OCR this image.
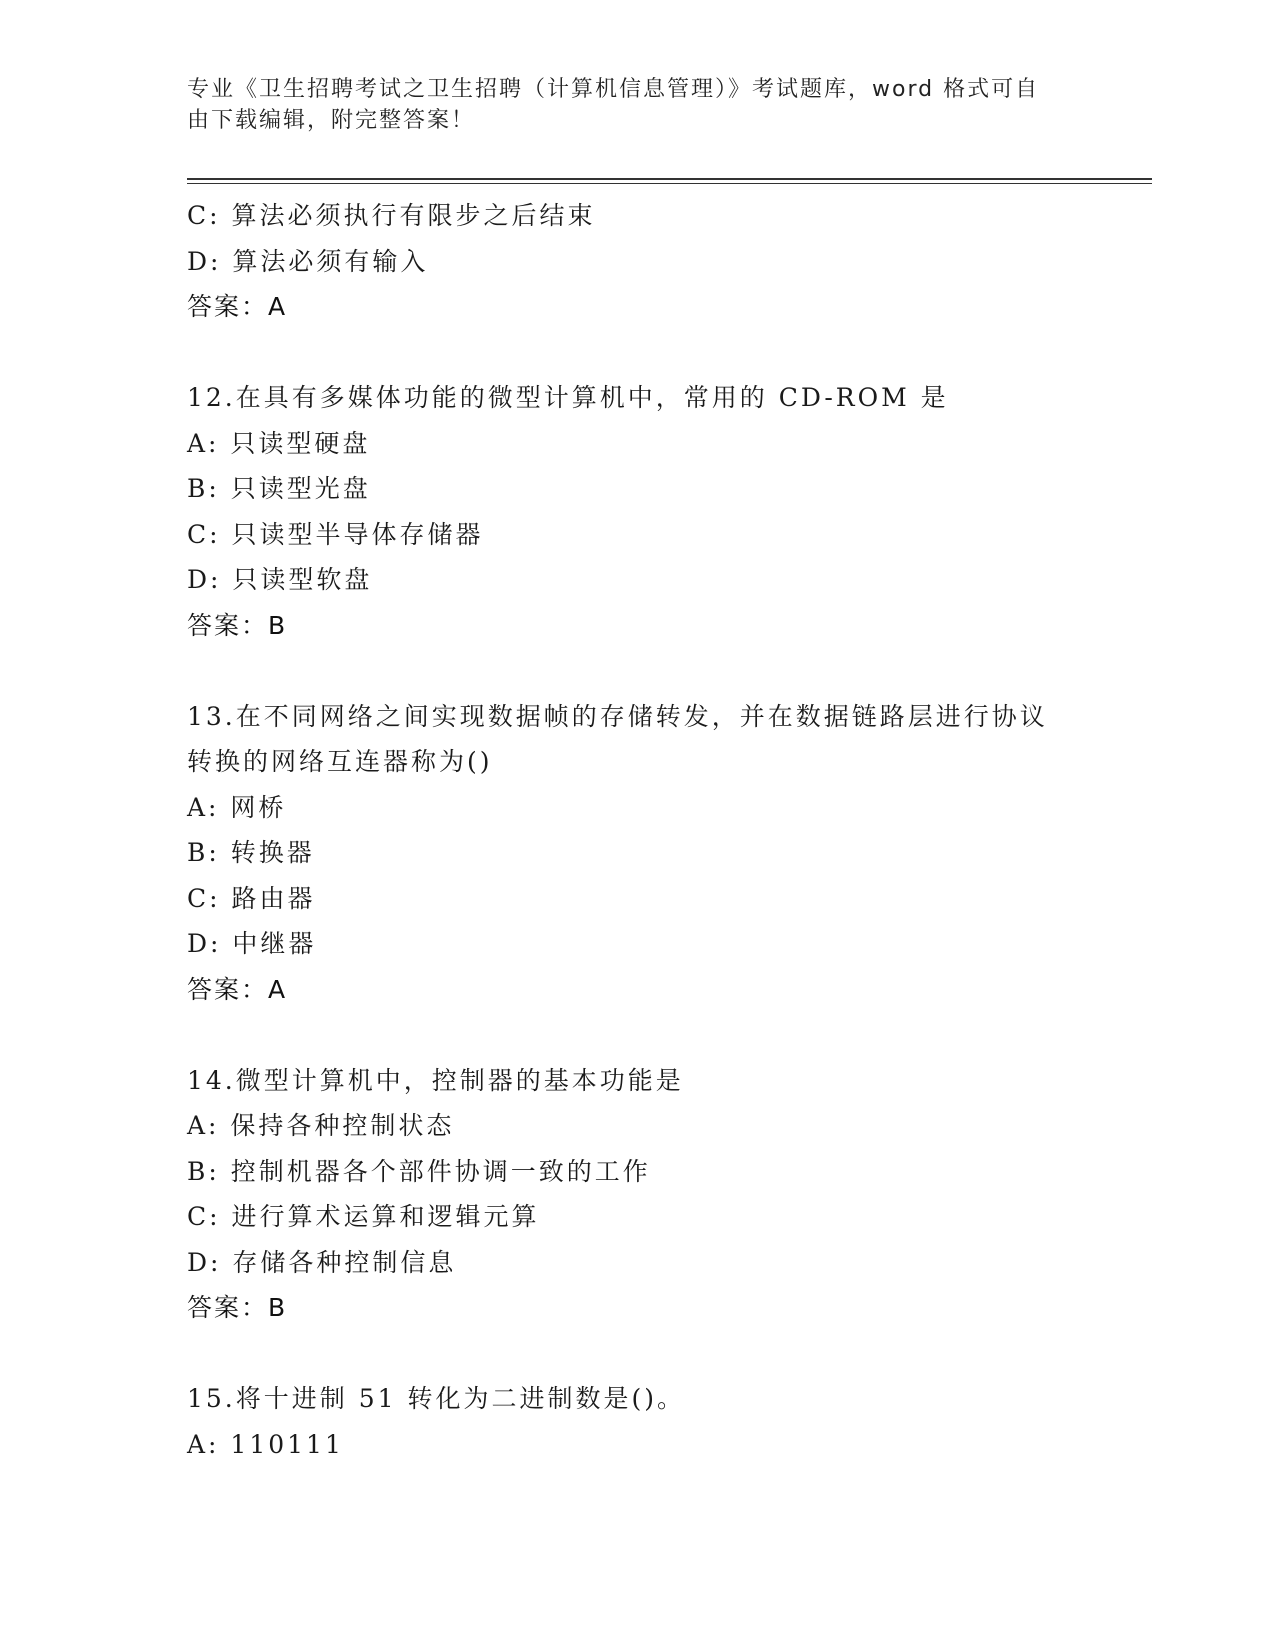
专业《卫生招聘考试之卫生招聘（计算机信息管理）》考试题库，word 格式可自
由下载编辑，附完整答案！
C: 算法必须执行有限步之后结束
D: 算法必须有输入
答案：A
12.在具有多媒体功能的微型计算机中，常用的 CD-ROM 是
A: 只读型硬盘
B: 只读型光盘
C: 只读型半导体存储器
D: 只读型软盘
答案：B
13.在不同网络之间实现数据帧的存储转发，并在数据链路层进行协议
转换的网络互连器称为()
A: 网桥
B: 转换器
C: 路由器
D: 中继器
答案：A
14.微型计算机中，控制器的基本功能是
A: 保持各种控制状态
B: 控制机器各个部件协调一致的工作
C: 进行算术运算和逻辑元算
D: 存储各种控制信息
答案：B
15.将十进制 51 转化为二进制数是()。
A: 110111
